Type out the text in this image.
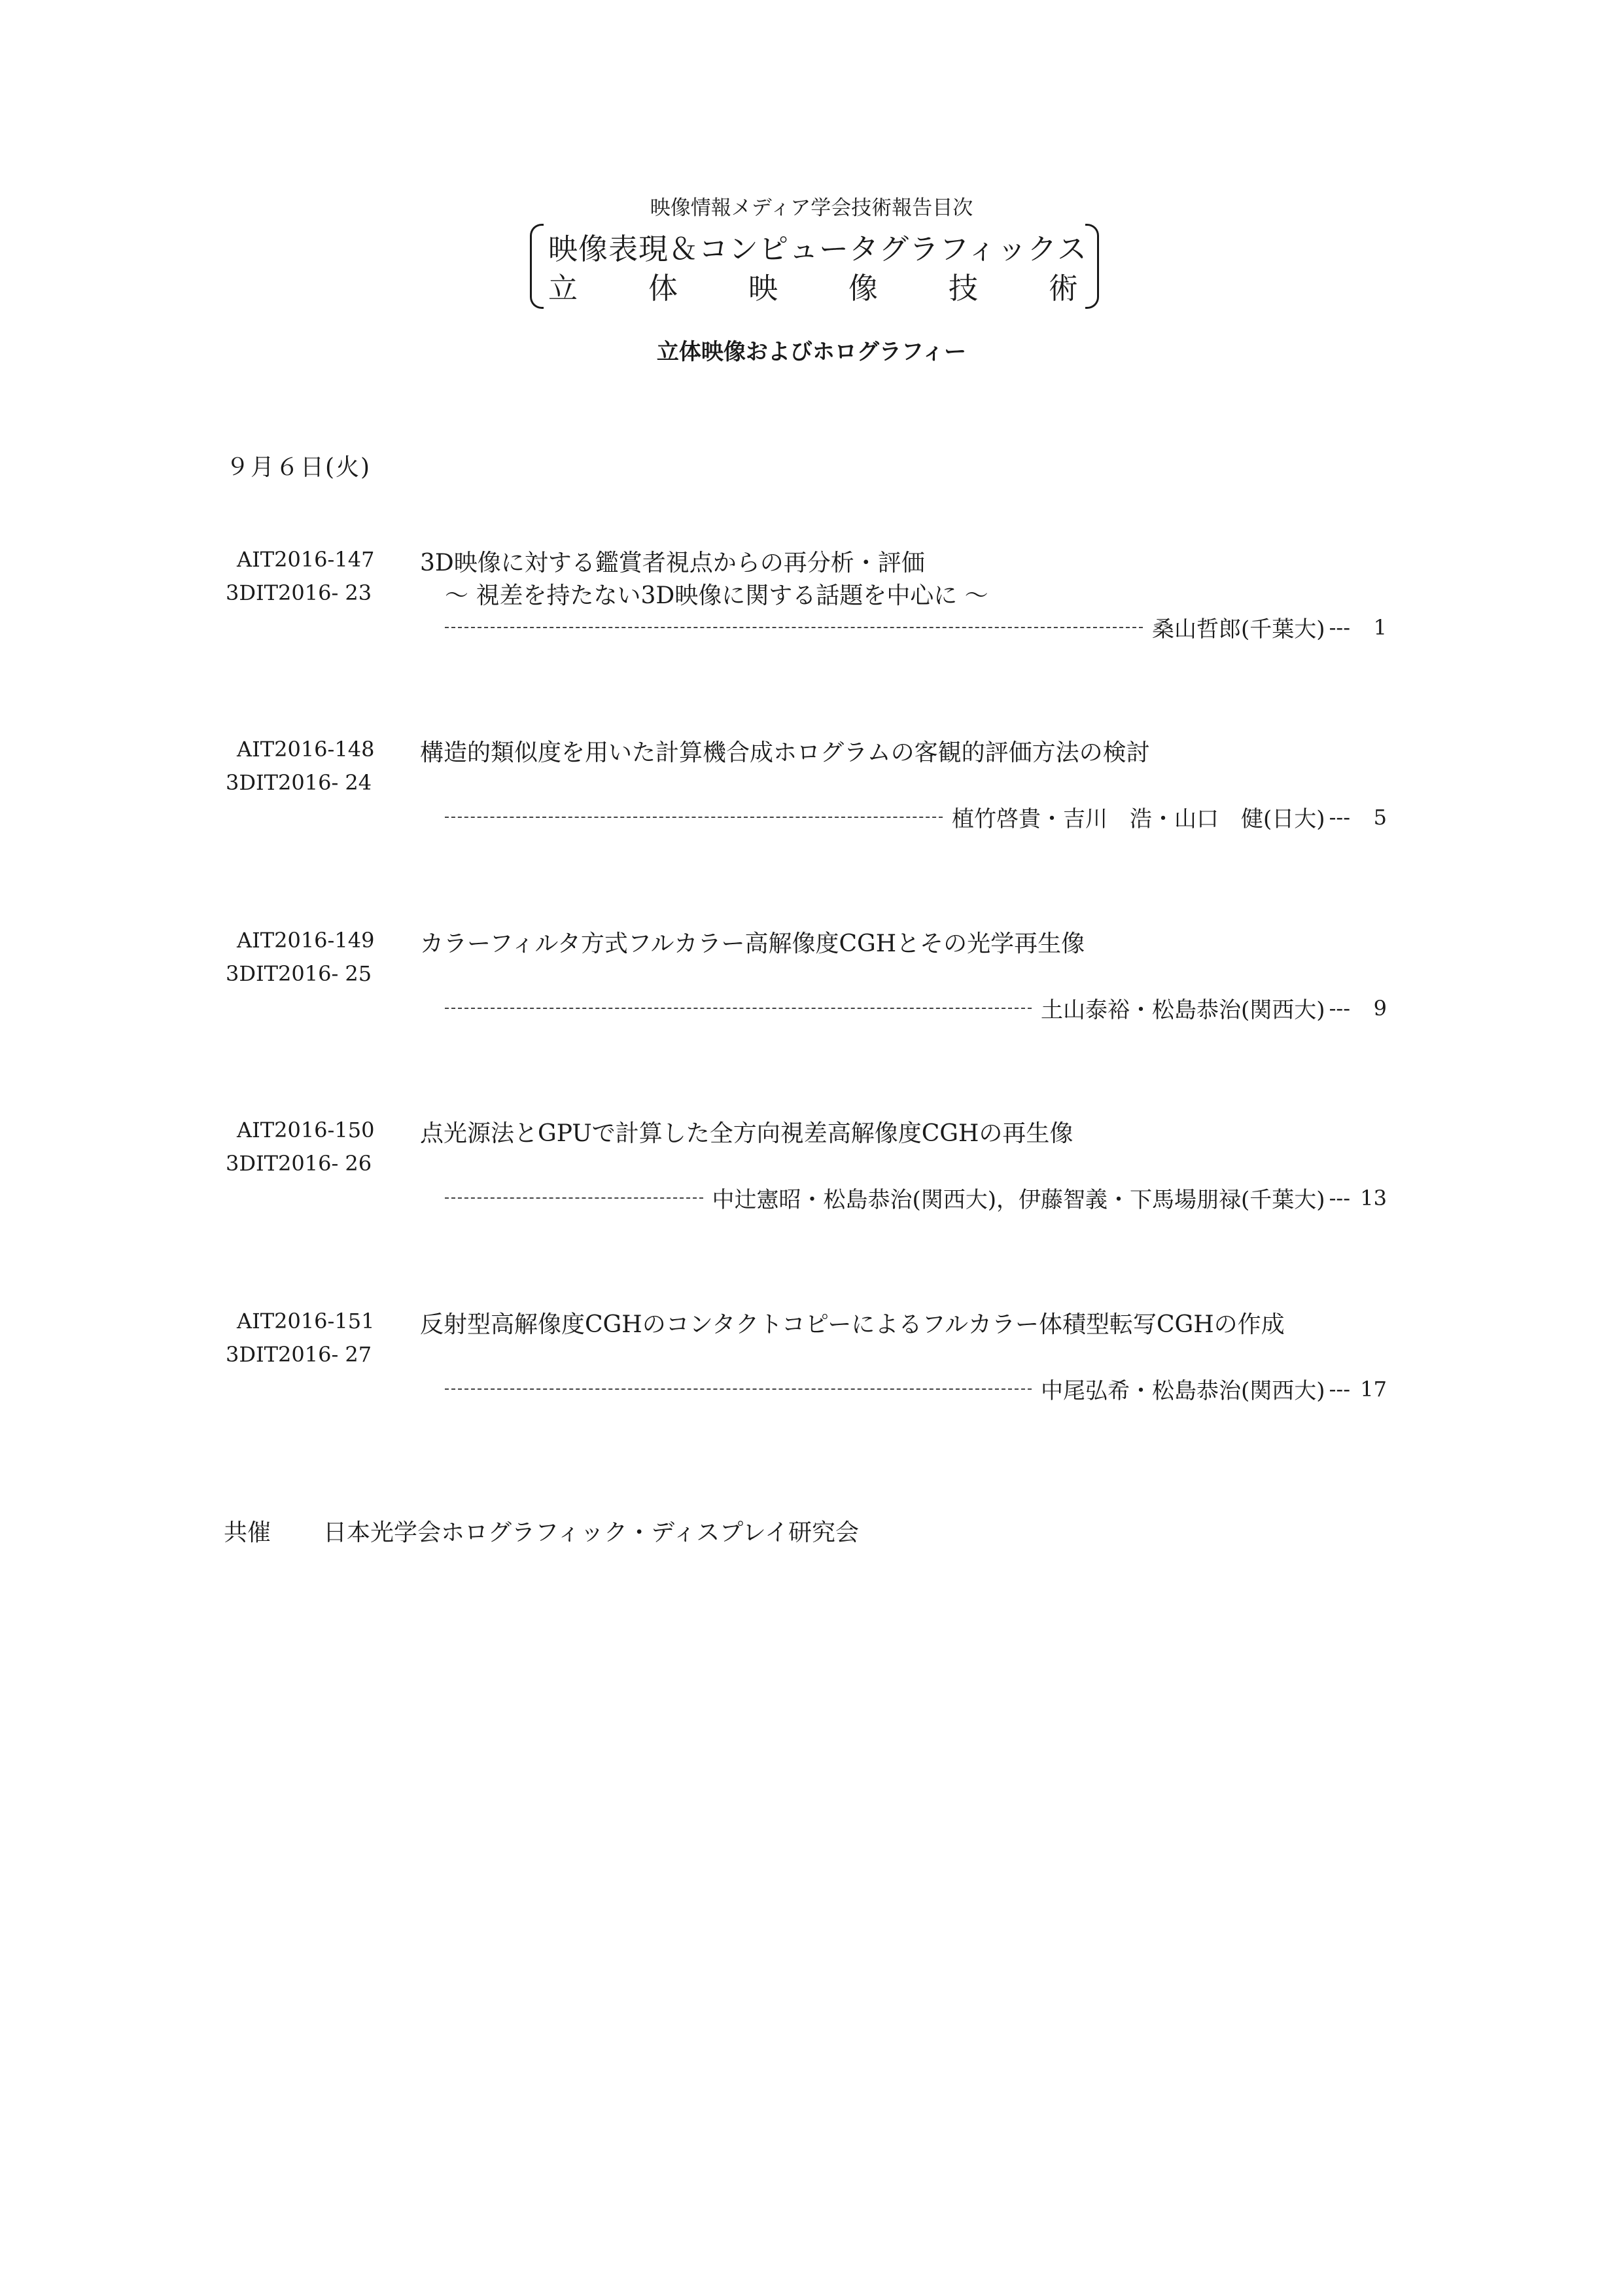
映像情報メディア学会技術報告目次
映像表現＆コンピュータグラフィックス
立 体 映 像 技 術
立体映像およびホログラフィー
９月６日(火)
AIT2016-147
3DIT2016- 23
3D映像に対する鑑賞者視点からの再分析・評価
～ 視差を持たない3D映像に関する話題を中心に ～
桑山哲郎(千葉大) ---	1
AIT2016-148
3DIT2016- 24
構造的類似度を用いた計算機合成ホログラムの客観的評価方法の検討
植竹啓貴・吉川　浩・山口　健(日大) ---	5
AIT2016-149
3DIT2016- 25
カラーフィルタ方式フルカラー高解像度CGHとその光学再生像
土山泰裕・松島恭治(関西大) ---	9
AIT2016-150
3DIT2016- 26
点光源法とGPUで計算した全方向視差高解像度CGHの再生像
中辻憲昭・松島恭治(関西大)，伊藤智義・下馬場朋禄(千葉大) --- 13
AIT2016-151
3DIT2016- 27
反射型高解像度CGHのコンタクトコピーによるフルカラー体積型転写CGHの作成
中尾弘希・松島恭治(関西大) --- 17
共催 日本光学会ホログラフィック・ディスプレイ研究会
